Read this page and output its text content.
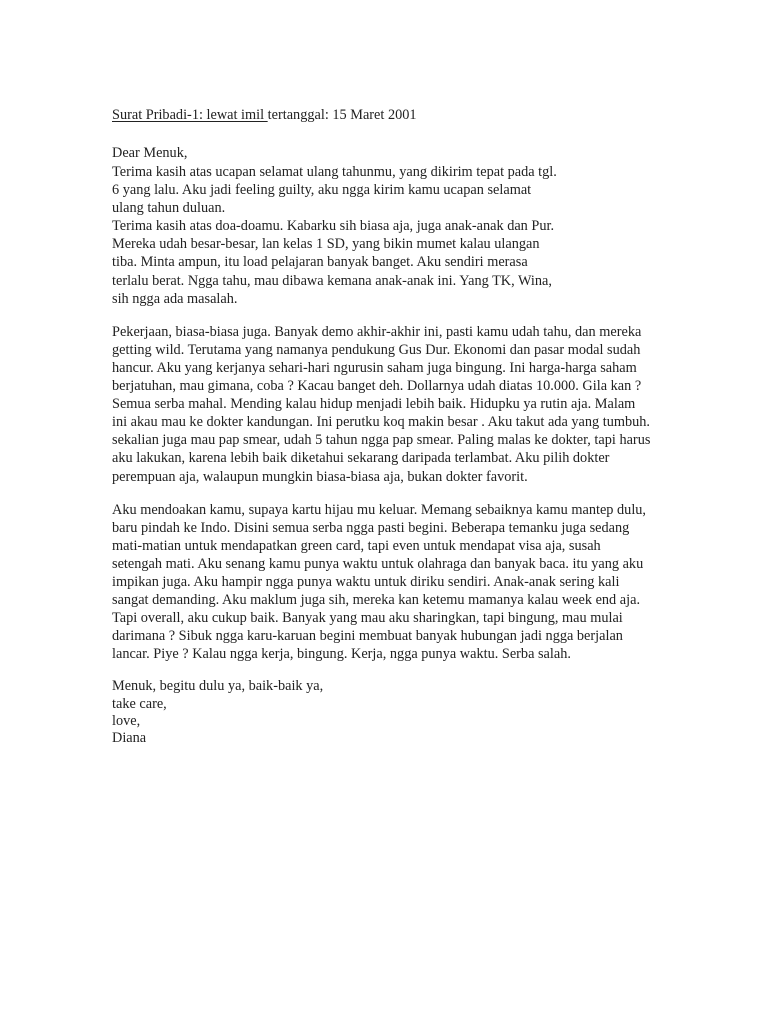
Surat Pribadi-1: lewat imil tertanggal: 15 Maret 2001
Dear Menuk,
Terima kasih atas ucapan selamat ulang tahunmu, yang dikirim tepat pada tgl.
6 yang lalu. Aku jadi feeling guilty, aku ngga kirim kamu ucapan selamat
ulang tahun duluan.
Terima kasih atas doa-doamu. Kabarku sih biasa aja, juga anak-anak dan Pur.
Mereka udah besar-besar, lan kelas 1 SD, yang bikin mumet kalau ulangan
tiba. Minta ampun, itu load pelajaran banyak banget. Aku sendiri merasa
terlalu berat. Ngga tahu, mau dibawa kemana anak-anak ini. Yang TK, Wina,
sih ngga ada masalah.
Pekerjaan, biasa-biasa juga. Banyak demo akhir-akhir ini, pasti kamu udah tahu, dan mereka
getting wild. Terutama yang namanya pendukung Gus Dur. Ekonomi dan pasar modal sudah
hancur. Aku yang kerjanya sehari-hari ngurusin saham juga bingung. Ini harga-harga saham
berjatuhan, mau gimana, coba ? Kacau banget deh. Dollarnya udah diatas 10.000. Gila kan ?
Semua serba mahal. Mending kalau hidup menjadi lebih baik. Hidupku ya rutin aja. Malam
ini akau mau ke dokter kandungan. Ini perutku koq makin besar . Aku takut ada yang tumbuh.
sekalian juga mau pap smear, udah 5 tahun ngga pap smear. Paling malas ke dokter, tapi harus
aku lakukan, karena lebih baik diketahui sekarang daripada terlambat. Aku pilih dokter
perempuan aja, walaupun mungkin biasa-biasa aja, bukan dokter favorit.
Aku mendoakan kamu, supaya kartu hijau mu keluar. Memang sebaiknya kamu mantep dulu,
baru pindah ke Indo. Disini semua serba ngga pasti begini. Beberapa temanku juga sedang
mati-matian untuk mendapatkan green card, tapi even untuk mendapat visa aja, susah
setengah mati. Aku senang kamu punya waktu untuk olahraga dan banyak baca. itu yang aku
impikan juga. Aku hampir ngga punya waktu untuk diriku sendiri. Anak-anak sering kali
sangat demanding. Aku maklum juga sih, mereka kan ketemu mamanya kalau week end aja.
Tapi overall, aku cukup baik. Banyak yang mau aku sharingkan, tapi bingung, mau mulai
darimana ? Sibuk ngga karu-karuan begini membuat banyak hubungan jadi ngga berjalan
lancar. Piye ? Kalau ngga kerja, bingung. Kerja, ngga punya waktu. Serba salah.
Menuk, begitu dulu ya, baik-baik ya,
take care,
love,
Diana
